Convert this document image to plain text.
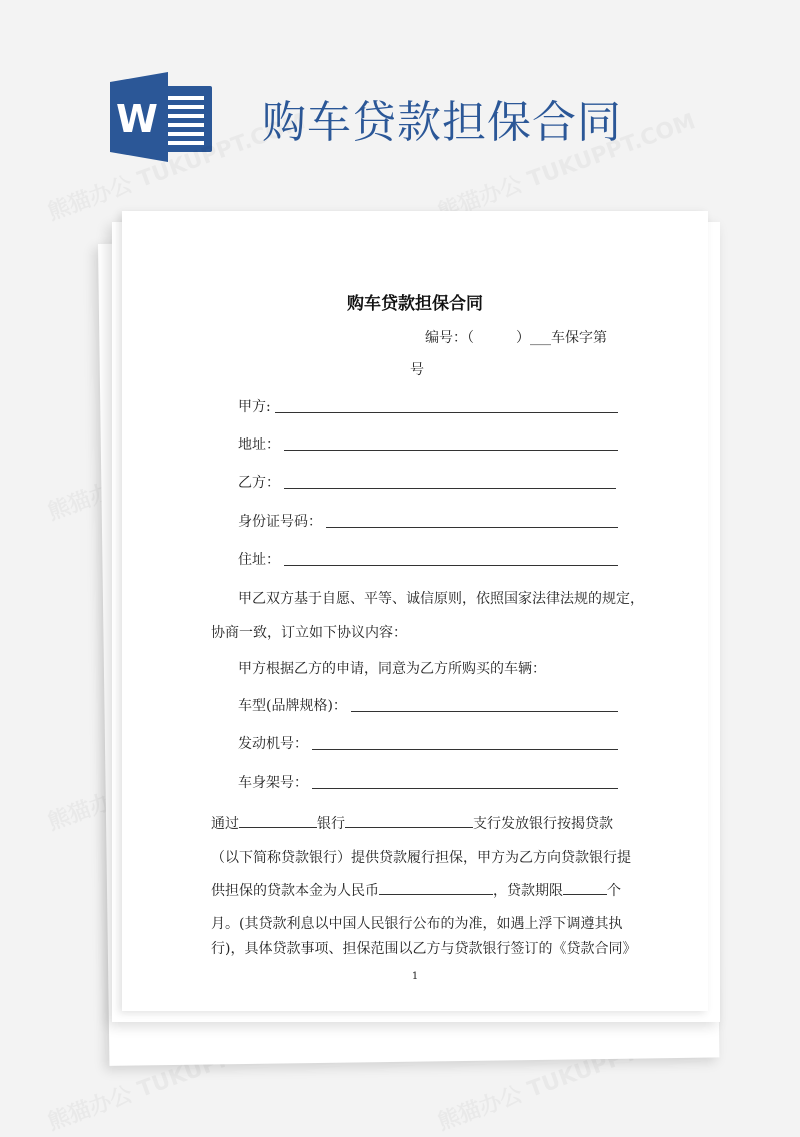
W 购车贷款担保合同
购车贷款担保合同
编号：（　　　）___车保字第
号
甲方:
地址：
乙方：
身份证号码：
住址：
甲乙双方基于自愿、平等、诚信原则，依照国家法律法规的规定，
协商一致，订立如下协议内容：
甲方根据乙方的申请，同意为乙方所购买的车辆：
车型(品牌规格)：
发动机号：
车身架号：
通过	银行	支行发放银行按揭贷款
（以下简称贷款银行）提供贷款履行担保，甲方为乙方向贷款银行提
供担保的贷款本金为人民币	，贷款期限	个
月。(其贷款利息以中国人民银行公布的为准，如遇上浮下调遵其执
行)，具体贷款事项、担保范围以乙方与贷款银行签订的《贷款合同》
1
